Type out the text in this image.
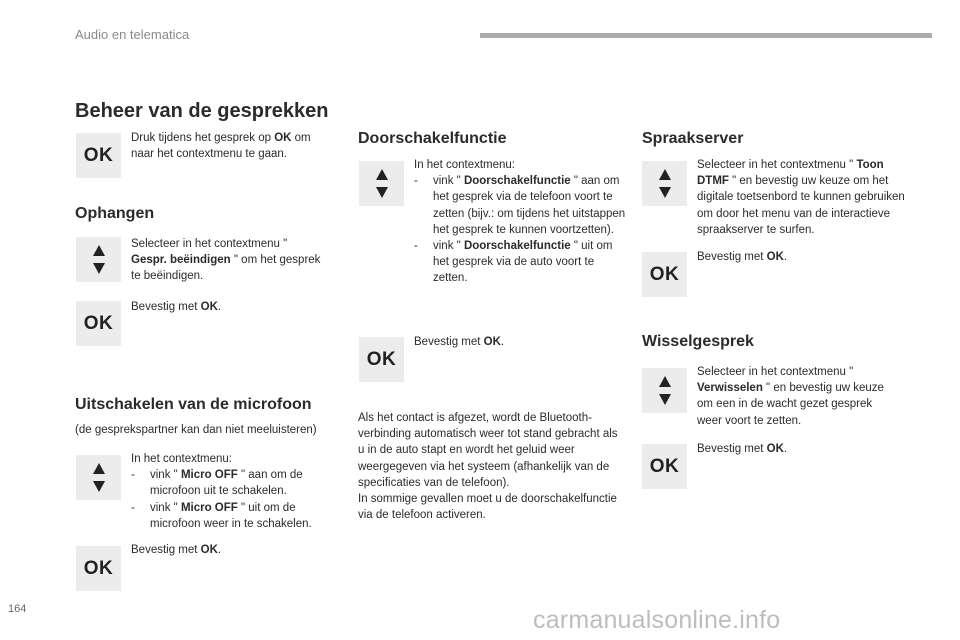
Audio en telematica
Beheer van de gesprekken
OK
Druk tijdens het gesprek op OK om naar het contextmenu te gaan.
Ophangen
Selecteer in het contextmenu " Gespr. beëindigen " om het gesprek te beëindigen.
OK
Bevestig met OK.
Uitschakelen van de microfoon
(de gesprekspartner kan dan niet meeluisteren)
In het contextmenu:
-	vink " Micro OFF " aan om de microfoon uit te schakelen.
-	vink " Micro OFF " uit om de microfoon weer in te schakelen.
OK
Bevestig met OK.
Doorschakelfunctie
In het contextmenu:
-	vink " Doorschakelfunctie " aan om het gesprek via de telefoon voort te zetten (bijv.: om tijdens het uitstappen het gesprek te kunnen voortzetten).
-	vink " Doorschakelfunctie " uit om het gesprek via de auto voort te zetten.
OK
Bevestig met OK.
Als het contact is afgezet, wordt de Bluetooth-verbinding automatisch weer tot stand gebracht als u in de auto stapt en wordt het geluid weer weergegeven via het systeem (afhankelijk van de specificaties van de telefoon).
In sommige gevallen moet u de doorschakelfunctie via de telefoon activeren.
Spraakserver
Selecteer in het contextmenu " Toon DTMF " en bevestig uw keuze om het digitale toetsenbord te kunnen gebruiken om door het menu van de interactieve spraakserver te surfen.
OK
Bevestig met OK.
Wisselgesprek
Selecteer in het contextmenu " Verwisselen " en bevestig uw keuze om een in de wacht gezet gesprek weer voort te zetten.
OK
Bevestig met OK.
164	carmanualsonline.info
